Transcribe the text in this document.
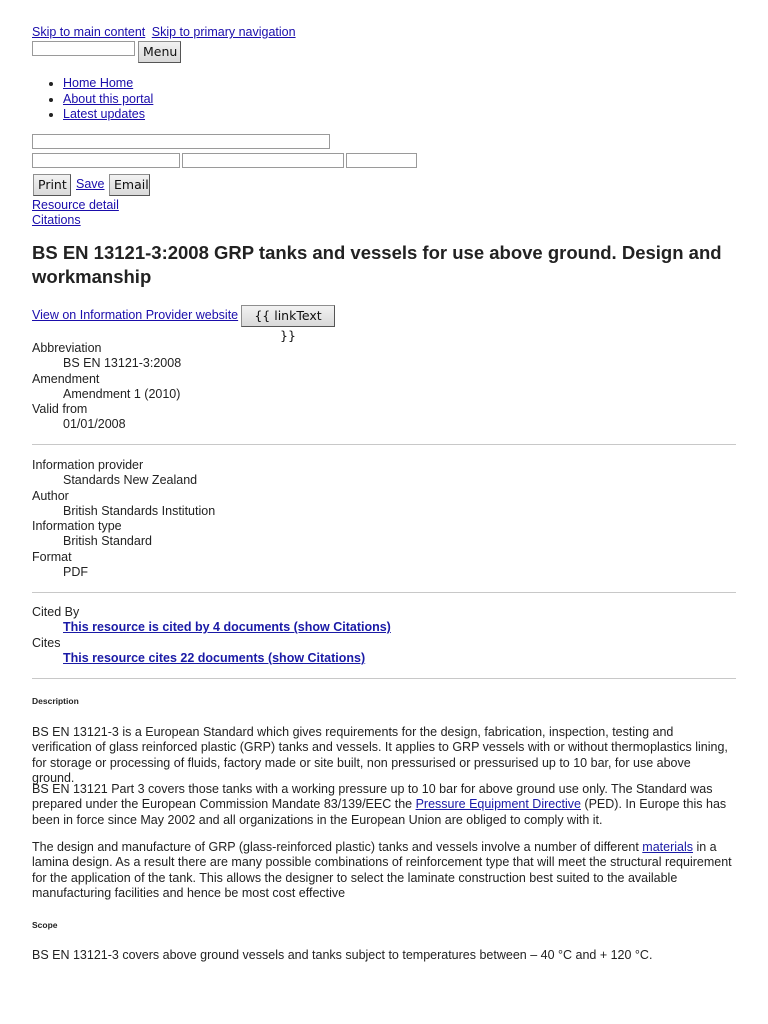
Skip to main content Skip to primary navigation
Menu
• Home Home
• About this portal
• Latest updates
Print Save Email
Resource detail
Citations
BS EN 13121-3:2008 GRP tanks and vessels for use above ground. Design and workmanship
View on Information Provider website	{{ linkText }}
Abbreviation
BS EN 13121-3:2008
Amendment
Amendment 1 (2010)
Valid from
01/01/2008
Information provider
Standards New Zealand
Author
British Standards Institution
Information type
British Standard
Format
PDF
Cited By
This resource is cited by 4 documents (show Citations)
Cites
This resource cites 22 documents (show Citations)
Description

BS EN 13121-3 is a European Standard which gives requirements for the design, fabrication, inspection, testing and verification of glass reinforced plastic (GRP) tanks and vessels. It applies to GRP vessels with or without thermoplastics lining, for storage or processing of fluids, factory made or site built, non pressurised or pressurised up to 10 bar, for use above ground.

BS EN 13121 Part 3 covers those tanks with a working pressure up to 10 bar for above ground use only. The Standard was prepared under the European Commission Mandate 83/139/EEC the Pressure Equipment Directive (PED). In Europe this has been in force since May 2002 and all organizations in the European Union are obliged to comply with it.

The design and manufacture of GRP (glass-reinforced plastic) tanks and vessels involve a number of different materials in a lamina design. As a result there are many possible combinations of reinforcement type that will meet the structural requirement for the application of the tank. This allows the designer to select the laminate construction best suited to the available manufacturing facilities and hence be most cost effective

Scope

BS EN 13121-3 covers above ground vessels and tanks subject to temperatures between – 40 °C and + 120 °C.
